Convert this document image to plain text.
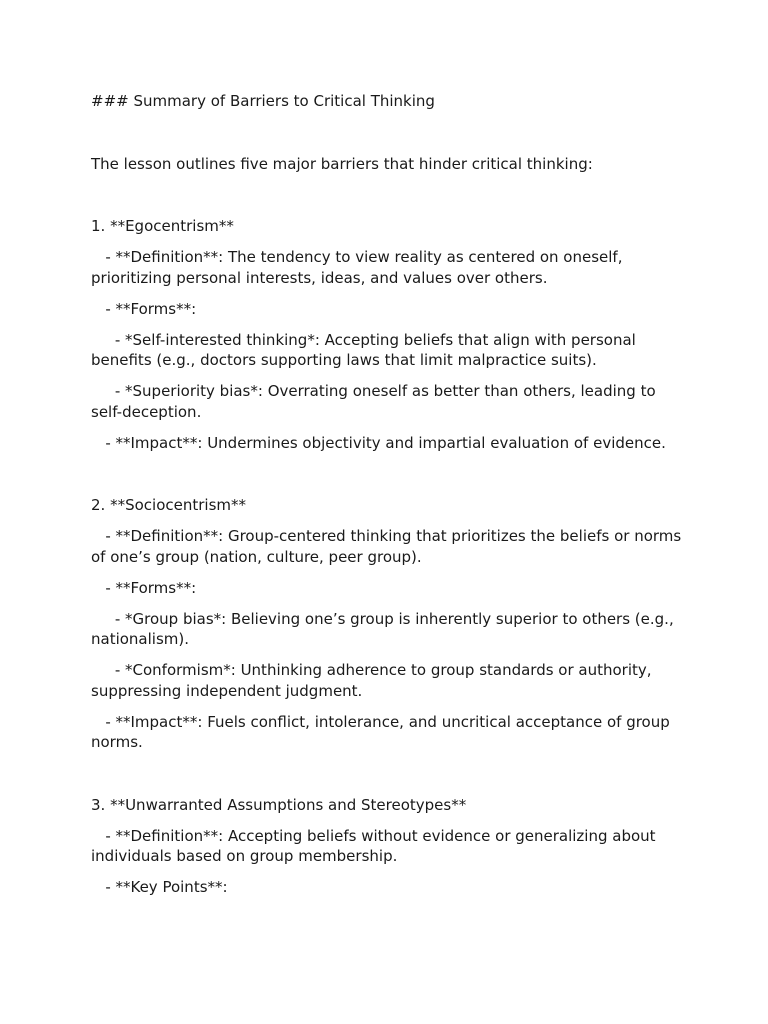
### Summary of Barriers to Critical Thinking

The lesson outlines five major barriers that hinder critical thinking:

1. **Egocentrism**

- **Definition**: The tendency to view reality as centered on oneself, prioritizing personal interests, ideas, and values over others.

- **Forms**:

- *Self-interested thinking*: Accepting beliefs that align with personal benefits (e.g., doctors supporting laws that limit malpractice suits).

- *Superiority bias*: Overrating oneself as better than others, leading to self-deception.

- **Impact**: Undermines objectivity and impartial evaluation of evidence.

2. **Sociocentrism**

- **Definition**: Group-centered thinking that prioritizes the beliefs or norms of one’s group (nation, culture, peer group).

- **Forms**:

- *Group bias*: Believing one’s group is inherently superior to others (e.g., nationalism).

- *Conformism*: Unthinking adherence to group standards or authority, suppressing independent judgment.

- **Impact**: Fuels conflict, intolerance, and uncritical acceptance of group norms.

3. **Unwarranted Assumptions and Stereotypes**

- **Definition**: Accepting beliefs without evidence or generalizing about individuals based on group membership.

- **Key Points**:
